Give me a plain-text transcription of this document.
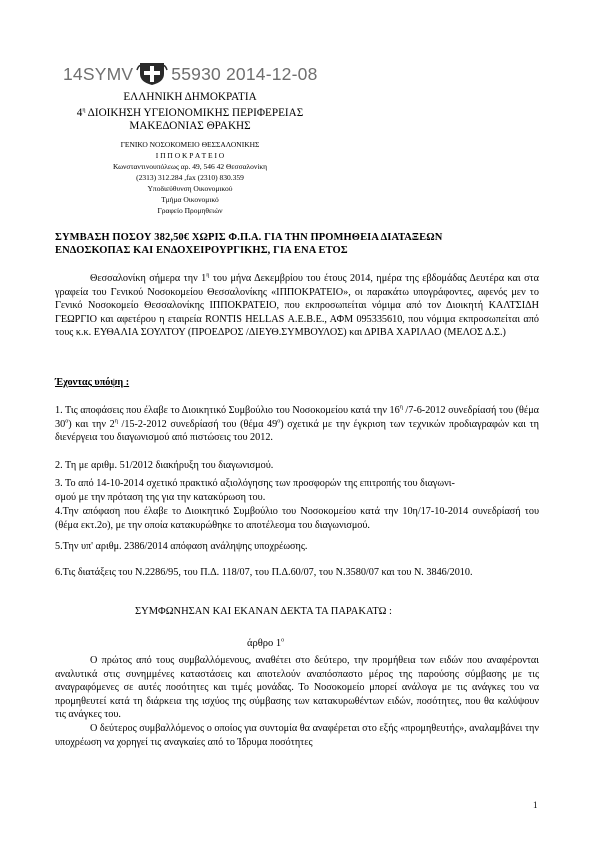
14SYMV 55930 2014-12-08
ΕΛΛΗΝΙΚΗ ΔΗΜΟΚΡΑΤΙΑ
$4^\eta$ ΔΙΟΙΚΗΣΗ ΥΓΕΙΟΝΟΜΙΚΗΣ ΠΕΡΙΦΕΡΕΙΑΣ
ΜΑΚΕΔΟΝΙΑΣ ΘΡΑΚΗΣ
ΓΕΝΙΚΟ ΝΟΣΟΚΟΜΕΙΟ ΘΕΣΣΑΛΟΝΙΚΗΣ
Ι Π Π Ο Κ Ρ Α Τ Ε Ι Ο
Κωνσταντινουπόλεως αρ. 49, 546 42 Θεσσαλονίκη
(2313) 312.284 ,fax (2310) 830.359
Υποδιεύθυνση Οικονομικού
Τμήμα Οικονομικό
Γραφείο Προμηθειών
ΣΥΜΒΑΣΗ ΠΟΣΟΥ 382,50€ ΧΩΡΙΣ Φ.Π.Α. ΓΙΑ ΤΗΝ ΠΡΟΜΗΘΕΙΑ ΔΙΑΤΑΞΕΩΝ
ΕΝΔΟΣΚΟΠΑΣ ΚΑΙ ΕΝΔΟΧΕΙΡΟΥΡΓΙΚΗΣ, ΓΙΑ ΕΝΑ ΕΤΟΣ
Θεσσαλονίκη σήμερα την $1^\eta$ του μήνα Δεκεμβρίου του έτους 2014, ημέρα της εβδομάδας Δευτέρα και στα γραφεία του Γενικού Νοσοκομείου Θεσσαλονίκης «ΙΠΠΟΚΡΑΤΕΙΟ», οι παρακάτω υπογράφοντες, αφενός μεν το Γενικό Νοσοκομείο Θεσσαλονίκης ΙΠΠΟΚΡΑΤΕΙΟ, που εκπροσωπείται νόμιμα από τον Διοικητή ΚΑΛΤΣΙΔΗ ΓΕΩΡΓΙΟ και αφετέρου η εταιρεία RONTIS HELLAS Α.Ε.Β.Ε., ΑΦΜ 095335610, που νόμιμα εκπροσωπείται από τους κ.κ. ΕΥΘΑΛΙΑ ΣΟΥΛΤΟΥ (ΠΡΟΕΔΡΟΣ /ΔΙΕΥΘ.ΣΥΜΒΟΥΛΟΣ) και ΔΡΙΒΑ ΧΑΡΙΛΑΟ (ΜΕΛΟΣ Δ.Σ.)
Έχοντας υπόψη :
1. Τις αποφάσεις που έλαβε το Διοικητικό Συμβούλιο του Νοσοκομείου κατά την $16^\eta$ /7-6-2012 συνεδρίασή του (θέμα $30^o$) και την $2^\eta$ /15-2-2012 συνεδρίασή του (θέμα $49^o$) σχετικά με την έγκριση των τεχνικών προδιαγραφών και τη διενέργεια του διαγωνισμού από πιστώσεις του 2012.
2. Τη με αριθμ. 51/2012 διακήρυξη του διαγωνισμού.
3. Το από 14-10-2014 σχετικό πρακτικό αξιολόγησης των προσφορών της επιτροπής του διαγωνι-
σμού με την πρόταση της για την κατακύρωση του.
4.Την απόφαση που έλαβε το Διοικητικό Συμβούλιο του Νοσοκομείου κατά την 10η/17-10-2014 συνεδρίασή του (θέμα εκτ.2ο), με την οποία κατακυρώθηκε το αποτέλεσμα του διαγωνισμού.
5.Την υπ' αριθμ. 2386/2014 απόφαση ανάληψης υποχρέωσης.
6.Τις διατάξεις του Ν.2286/95, του Π.Δ. 118/07, του Π.Δ.60/07, του Ν.3580/07 και του Ν. 3846/2010.
ΣΥΜΦΩΝΗΣΑΝ ΚΑΙ ΕΚΑΝΑΝ ΔΕΚΤΑ ΤΑ ΠΑΡΑΚΑΤΩ :
άρθρο $1^o$
Ο πρώτος από τους συμβαλλόμενους, αναθέτει στο δεύτερο, την προμήθεια των ειδών που αναφέρονται αναλυτικά στις συνημμένες καταστάσεις και αποτελούν αναπόσπαστο μέρος της παρούσης σύμβασης με τις αναγραφόμενες σε αυτές ποσότητες και τιμές μονάδας. Το Νοσοκομείο μπορεί ανάλογα με τις ανάγκες του να προμηθευτεί κατά τη διάρκεια της ισχύος της σύμβασης των κατακυρωθέντων ειδών, ποσότητες, που θα καλύψουν τις ανάγκες του.
Ο δεύτερος συμβαλλόμενος ο οποίος για συντομία θα αναφέρεται στο εξής «προμηθευτής», αναλαμβάνει την υποχρέωση να χορηγεί τις αναγκαίες από το Ίδρυμα ποσότητες
1
